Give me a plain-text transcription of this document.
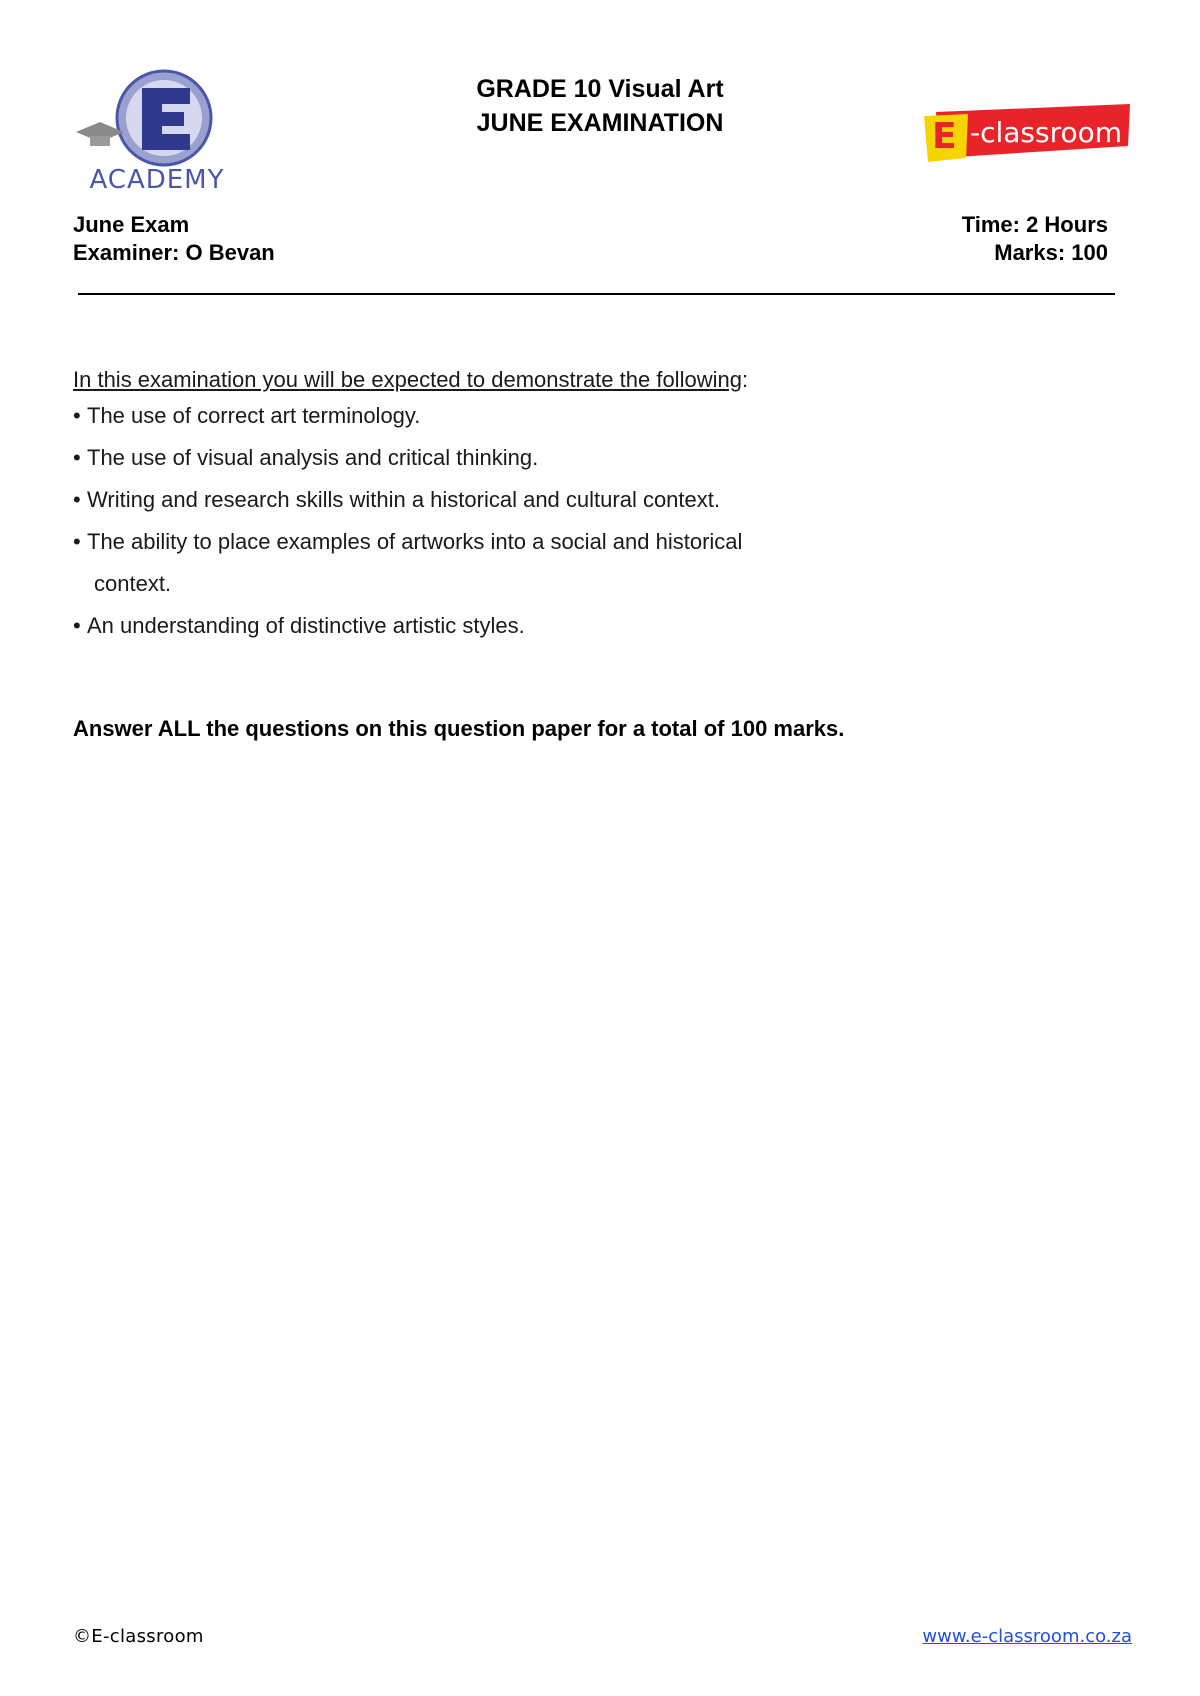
ACADEMY
E -classroom
GRADE 10 Visual Art
JUNE EXAMINATION
June Exam
Examiner: O Bevan
Time: 2 Hours
Marks: 100
In this examination you will be expected to demonstrate the following:
• The use of correct art terminology.
• The use of visual analysis and critical thinking.
• Writing and research skills within a historical and cultural context.
• The ability to place examples of artworks into a social and historical
context.
• An understanding of distinctive artistic styles.
Answer ALL the questions on this question paper for a total of 100 marks.
©E-classroom	www.e-classroom.co.za
